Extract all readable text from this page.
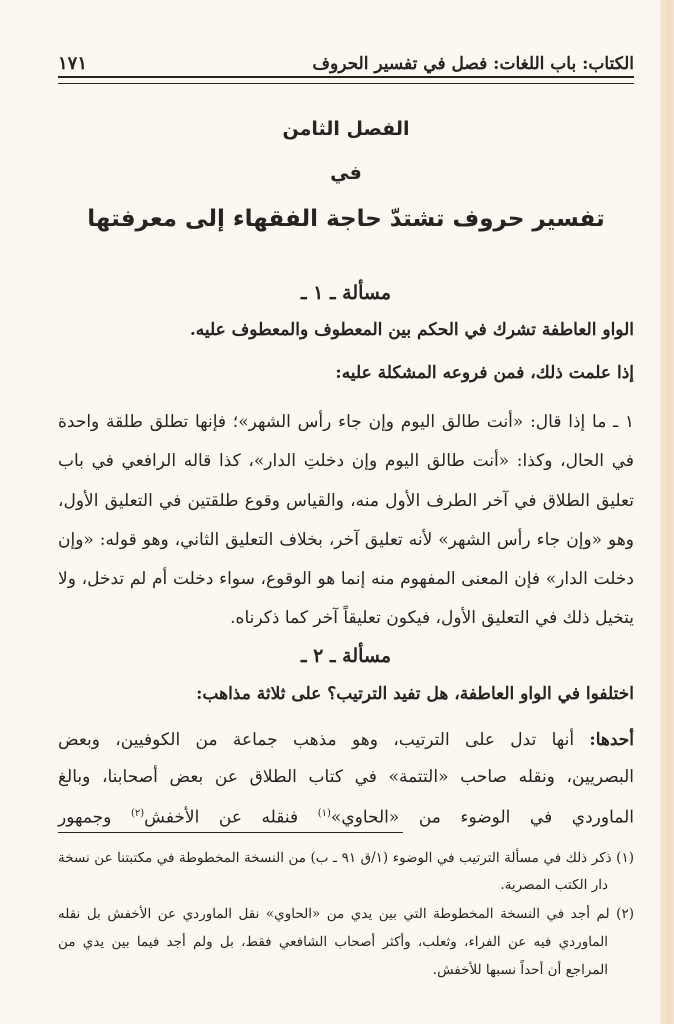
الكتاب: باب اللغات: فصل في تفسير الحروف
١٧١
الفصل الثامن
في
تفسير حروف تشتدّ حاجة الفقهاء إلى معرفتها
مسألة ـ ١ ـ
الواو العاطفة تشرك في الحكم بين المعطوف والمعطوف عليه.
إذا علمت ذلك، فمن فروعه المشكلة عليه:
١ ـ ما إذا قال: «أنت طالق اليوم وإن جاء رأس الشهر»؛ فإنها تطلق طلقة واحدة
في الحال، وكذا: «أنت طالق اليوم وإن دخلتِ الدار»، كذا قاله الرافعي في باب
تعليق الطلاق في آخر الطرف الأول منه، والقياس وقوع طلقتين في التعليق الأول،
وهو «وإن جاء رأس الشهر» لأنه تعليق آخر، بخلاف التعليق الثاني، وهو قوله: «وإن
دخلت الدار» فإن المعنى المفهوم منه إنما هو الوقوع، سواء دخلت أم لم تدخل، ولا
يتخيل ذلك في التعليق الأول، فيكون تعليقاً آخر كما ذكرناه.
مسألة ـ ٢ ـ
اختلفوا في الواو العاطفة، هل تفيد الترتيب؟ على ثلاثة مذاهب:
أحدها: أنها تدل على الترتيب، وهو مذهب جماعة من الكوفيين، وبعض
البصريين، ونقله صاحب «التتمة» في كتاب الطلاق عن بعض أصحابنا، وبالغ
الماوردي في الوضوء من «الحاوي»$^{(١)}$ فنقله عن الأخفش$^{(٢)}$ وجمهور
(١) ذكر ذلك في مسألة الترتيب في الوضوء (١/ق ٩١ ـ ب) من النسخة المخطوطة في مكتبتنا عن نسخة
دار الكتب المصرية.
(٢) لم أجد في النسخة المخطوطة التي بين يدي من «الحاوي» نقل الماوردي عن الأخفش بل نقله
الماوردي فيه عن الفراء، وثعلب، وأكثر أصحاب الشافعي فقط، بل ولم أجد فيما بين يدي من
المراجع أن أحداً نسبها للأخفش.
